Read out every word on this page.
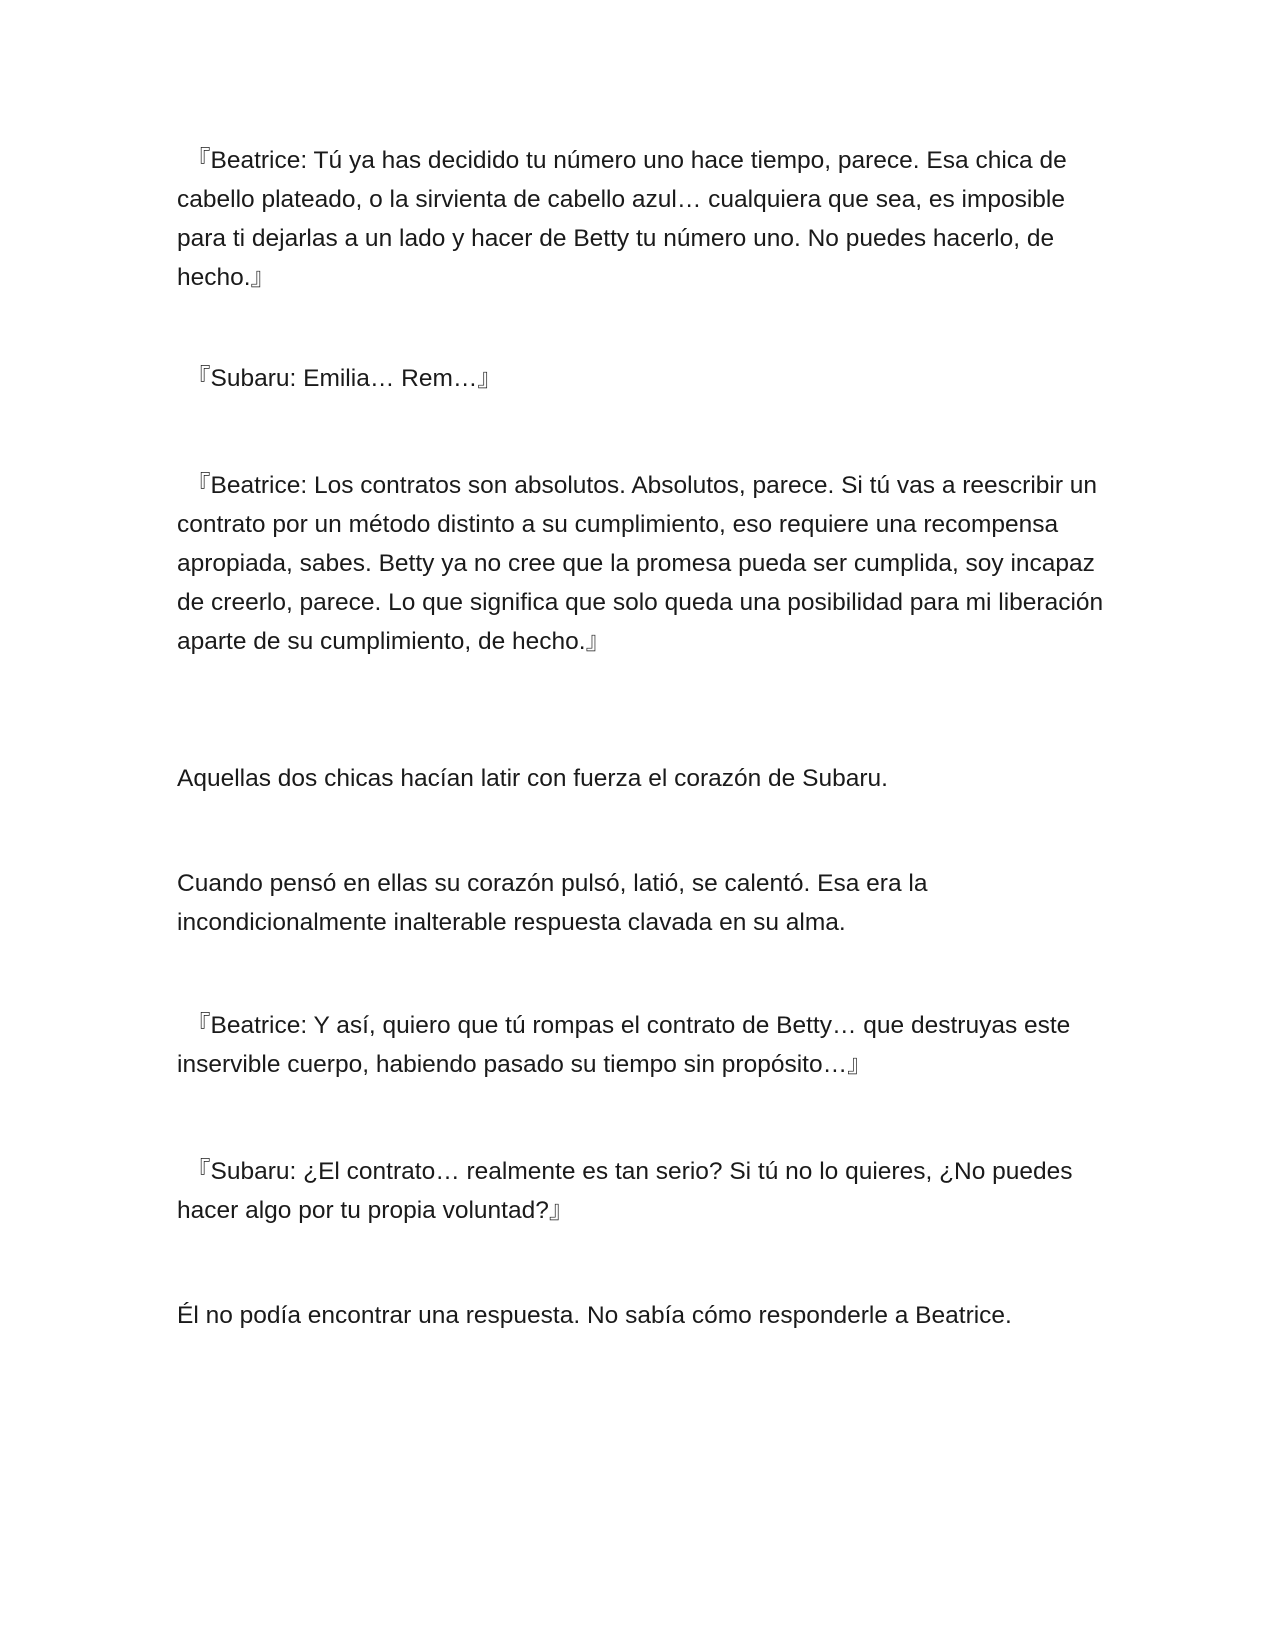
『Beatrice: Tú ya has decidido tu número uno hace tiempo, parece. Esa chica de cabello plateado, o la sirvienta de cabello azul… cualquiera que sea, es imposible para ti dejarlas a un lado y hacer de Betty tu número uno. No puedes hacerlo, de hecho.』

『Subaru: Emilia… Rem…』

『Beatrice: Los contratos son absolutos. Absolutos, parece. Si tú vas a reescribir un contrato por un método distinto a su cumplimiento, eso requiere una recompensa apropiada, sabes. Betty ya no cree que la promesa pueda ser cumplida, soy incapaz de creerlo, parece. Lo que significa que solo queda una posibilidad para mi liberación aparte de su cumplimiento, de hecho.』

Aquellas dos chicas hacían latir con fuerza el corazón de Subaru.

Cuando pensó en ellas su corazón pulsó, latió, se calentó. Esa era la incondicionalmente inalterable respuesta clavada en su alma.

『Beatrice: Y así, quiero que tú rompas el contrato de Betty… que destruyas este inservible cuerpo, habiendo pasado su tiempo sin propósito…』

『Subaru: ¿El contrato… realmente es tan serio? Si tú no lo quieres, ¿No puedes hacer algo por tu propia voluntad?』

Él no podía encontrar una respuesta. No sabía cómo responderle a Beatrice.
